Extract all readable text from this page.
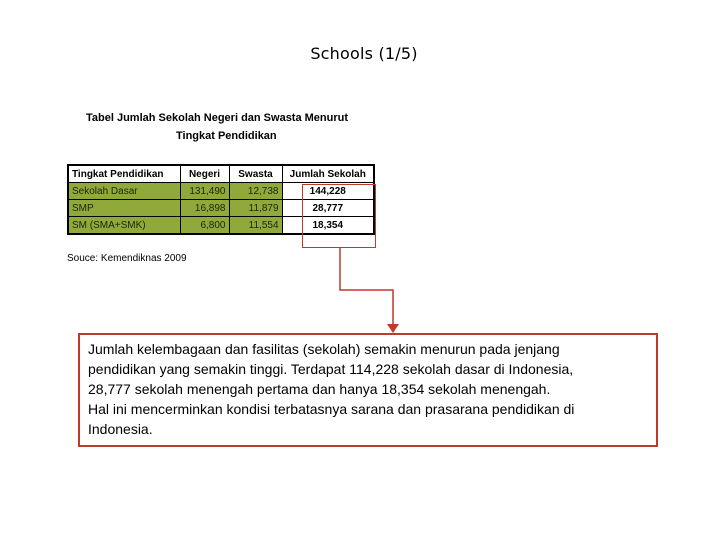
Schools (1/5)
Tabel Jumlah Sekolah Negeri dan Swasta Menurut
Tingkat Pendidikan
Tingkat Pendidikan	Negeri	Swasta	Jumlah Sekolah
Sekolah Dasar	131,490	12,738	144,228
SMP	16,898	11,879	28,777
SM (SMA+SMK)	6,800	11,554	18,354
Souce: Kemendiknas 2009
Jumlah kelembagaan dan fasilitas (sekolah) semakin menurun pada jenjang
pendidikan yang semakin tinggi. Terdapat 114,228 sekolah dasar di Indonesia,
28,777 sekolah menengah pertama dan hanya 18,354 sekolah menengah.
Hal ini mencerminkan kondisi terbatasnya sarana dan prasarana pendidikan di
Indonesia.
